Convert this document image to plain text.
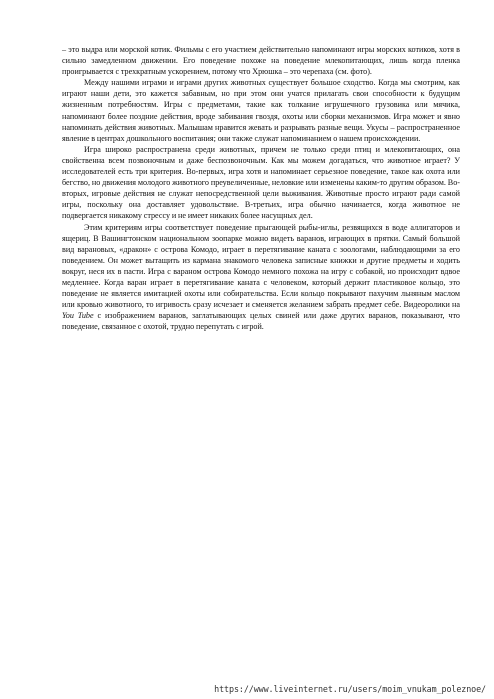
– это выдра или морской котик. Фильмы с его участием действительно напоминают игры морских котиков, хотя в сильно замедленном движении. Его поведение похоже на поведение млекопитающих, лишь когда пленка проигрывается с трехкратным ускорением, потому что Хрюшка – это черепаха (см. фото).

Между нашими играми и играми других животных существует большое сходство. Когда мы смотрим, как играют наши дети, это кажется забавным, но при этом они учатся прилагать свои способности к будущим жизненным потребностям. Игры с предметами, такие как толкание игрушечного грузовика или мячика, напоминают более поздние действия, вроде забивания гвоздя, охоты или сборки механизмов. Игра может и явно напоминать действия животных. Малышам нравится жевать и разрывать разные вещи. Укусы – распространенное явление в центрах дошкольного воспитания; они также служат напоминанием о нашем происхождении.

Игра широко распространена среди животных, причем не только среди птиц и млекопитающих, она свойственна всем позвоночным и даже беспозвоночным. Как мы можем догадаться, что животное играет? У исследователей есть три критерия. Во-первых, игра хотя и напоминает серьезное поведение, такое как охота или бегство, но движения молодого животного преувеличенные, неловкие или изменены каким-то другим образом. Во-вторых, игровые действия не служат непосредственной цели выживания. Животные просто играют ради самой игры, поскольку она доставляет удовольствие. В-третьих, игра обычно начинается, когда животное не подвергается никакому стрессу и не имеет никаких более насущных дел.

Этим критериям игры соответствует поведение прыгающей рыбы-иглы, резвящихся в воде аллигаторов и ящериц. В Вашингтонском национальном зоопарке можно видеть варанов, играющих в прятки. Самый большой вид варановых, «дракон» с острова Комодо, играет в перетягивание каната с зоологами, наблюдающими за его поведением. Он может вытащить из кармана знакомого человека записные книжки и другие предметы и ходить вокруг, неся их в пасти. Игра с вараном острова Комодо немного похожа на игру с собакой, но происходит вдвое медленнее. Когда варан играет в перетягивание каната с человеком, который держит пластиковое кольцо, это поведение не является имитацией охоты или собирательства. Если кольцо покрывают пахучим льняным маслом или кровью животного, то игривость сразу исчезает и сменяется желанием забрать предмет себе. Видеоролики на You Tube с изображением варанов, заглатывающих целых свиней или даже других варанов, показывают, что поведение, связанное с охотой, трудно перепутать с игрой.

https://www.liveinternet.ru/users/moim_vnukam_poleznoe/
